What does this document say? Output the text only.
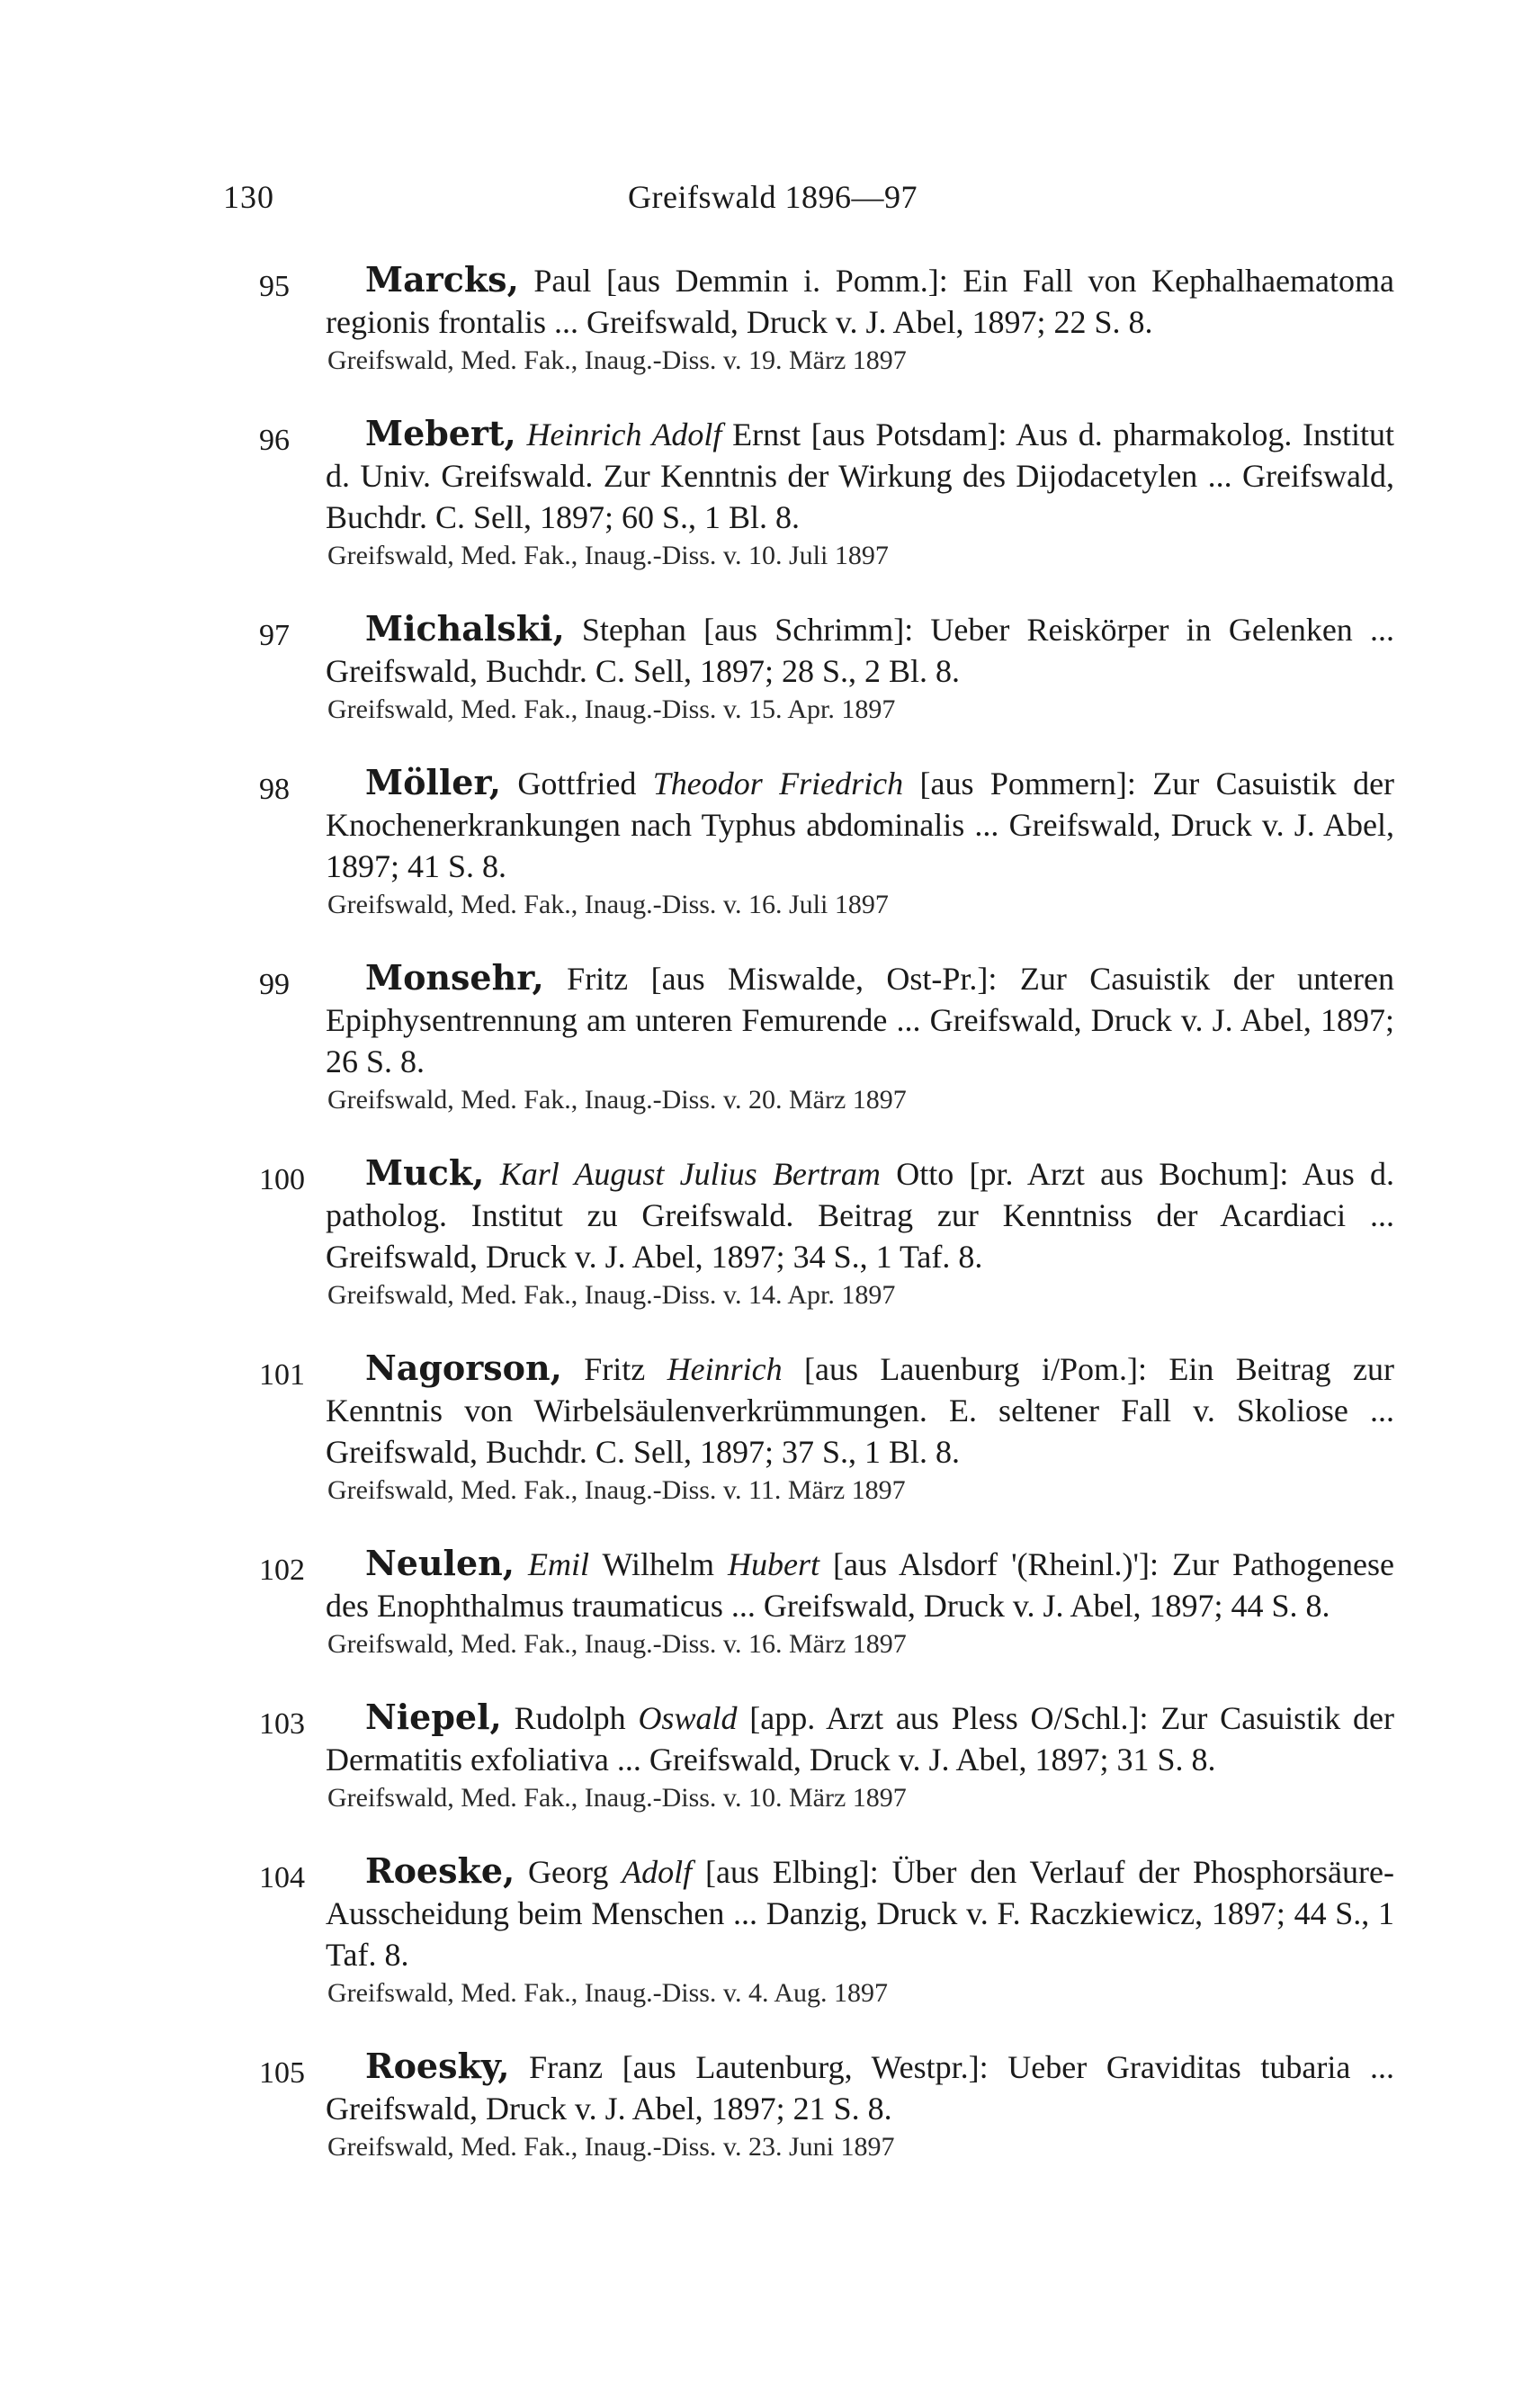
130	Greifswald 1896—97
95	Marcks, Paul [aus Demmin i. Pomm.]: Ein Fall von Kephalhaematoma regionis frontalis ... Greifswald, Druck v. J. Abel, 1897; 22 S. 8.
Greifswald, Med. Fak., Inaug.-Diss. v. 19. März 1897
96	Mebert, Heinrich Adolf Ernst [aus Potsdam]: Aus d. pharmakolog. Institut d. Univ. Greifswald. Zur Kenntnis der Wirkung des Dijodacetylen ... Greifswald, Buchdr. C. Sell, 1897; 60 S., 1 Bl. 8.
Greifswald, Med. Fak., Inaug.-Diss. v. 10. Juli 1897
97	Michalski, Stephan [aus Schrimm]: Ueber Reiskörper in Gelenken ... Greifswald, Buchdr. C. Sell, 1897; 28 S., 2 Bl. 8.
Greifswald, Med. Fak., Inaug.-Diss. v. 15. Apr. 1897
98	Möller, Gottfried Theodor Friedrich [aus Pommern]: Zur Casuistik der Knochenerkrankungen nach Typhus abdominalis ... Greifswald, Druck v. J. Abel, 1897; 41 S. 8.
Greifswald, Med. Fak., Inaug.-Diss. v. 16. Juli 1897
99	Monsehr, Fritz [aus Miswalde, Ost-Pr.]: Zur Casuistik der unteren Epiphysentrennung am unteren Femurende ... Greifswald, Druck v. J. Abel, 1897; 26 S. 8.
Greifswald, Med. Fak., Inaug.-Diss. v. 20. März 1897
100	Muck, Karl August Julius Bertram Otto [pr. Arzt aus Bochum]: Aus d. patholog. Institut zu Greifswald. Beitrag zur Kenntniss der Acardiaci ... Greifswald, Druck v. J. Abel, 1897; 34 S., 1 Taf. 8.
Greifswald, Med. Fak., Inaug.-Diss. v. 14. Apr. 1897
101	Nagorson, Fritz Heinrich [aus Lauenburg i/Pom.]: Ein Beitrag zur Kenntnis von Wirbelsäulenverkrümmungen. E. seltener Fall v. Skoliose ... Greifswald, Buchdr. C. Sell, 1897; 37 S., 1 Bl. 8.
Greifswald, Med. Fak., Inaug.-Diss. v. 11. März 1897
102	Neulen, Emil Wilhelm Hubert [aus Alsdorf '(Rheinl.)']: Zur Pathogenese des Enophthalmus traumaticus ... Greifswald, Druck v. J. Abel, 1897; 44 S. 8.
Greifswald, Med. Fak., Inaug.-Diss. v. 16. März 1897
103	Niepel, Rudolph Oswald [app. Arzt aus Pless O/Schl.]: Zur Casuistik der Dermatitis exfoliativa ... Greifswald, Druck v. J. Abel, 1897; 31 S. 8.
Greifswald, Med. Fak., Inaug.-Diss. v. 10. März 1897
104	Roeske, Georg Adolf [aus Elbing]: Über den Verlauf der Phosphorsäure-Ausscheidung beim Menschen ... Danzig, Druck v. F. Raczkiewicz, 1897; 44 S., 1 Taf. 8.
Greifswald, Med. Fak., Inaug.-Diss. v. 4. Aug. 1897
105	Roesky, Franz [aus Lautenburg, Westpr.]: Ueber Graviditas tubaria ... Greifswald, Druck v. J. Abel, 1897; 21 S. 8.
Greifswald, Med. Fak., Inaug.-Diss. v. 23. Juni 1897
